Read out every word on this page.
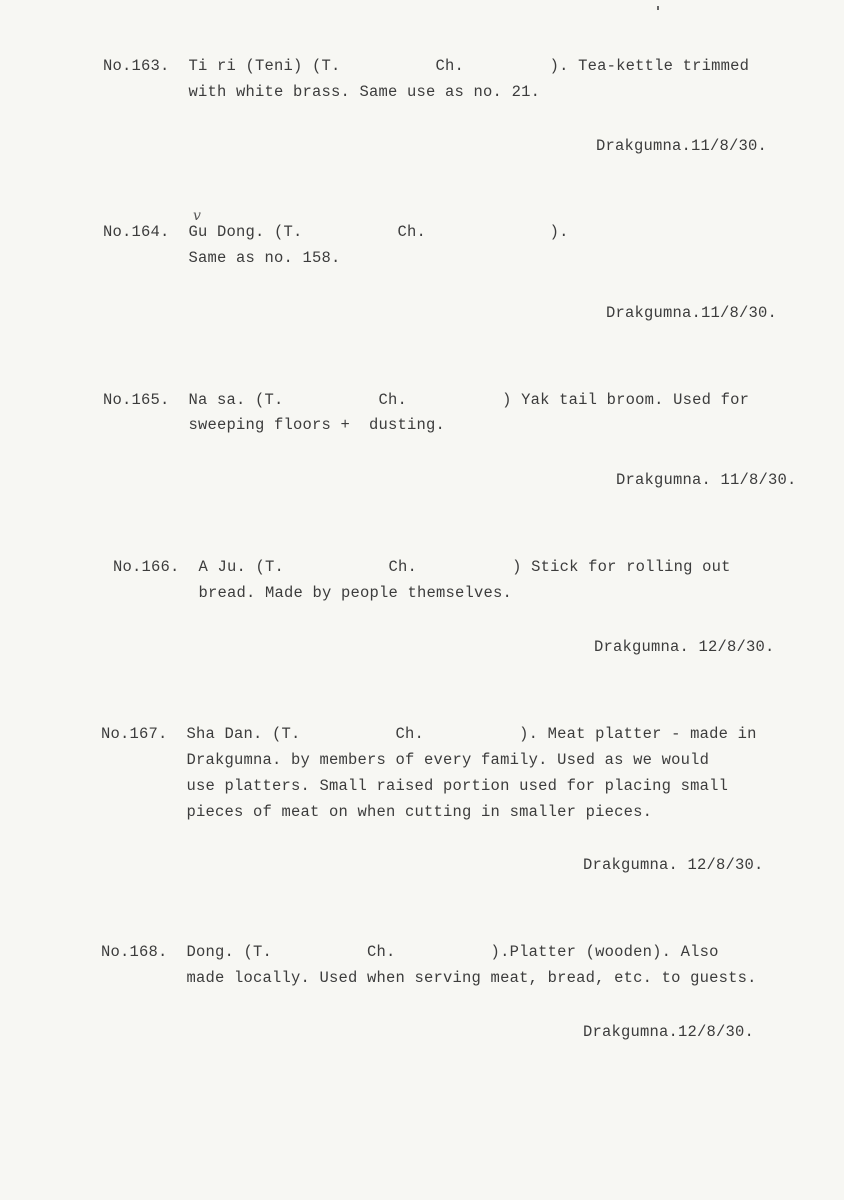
No.163.  Ti ri (Teni) (T.          Ch.         ). Tea-kettle trimmed
with white brass. Same use as no. 21.
Drakgumna.11/8/30.
v
No.164.  Gu Dong. (T.          Ch.             ).
Same as no. 158.
Drakgumna.11/8/30.
No.165.  Na sa. (T.          Ch.          ) Yak tail broom. Used for
sweeping floors +  dusting.
Drakgumna. 11/8/30.
No.166.  A Ju. (T.           Ch.          ) Stick for rolling out
bread. Made by people themselves.
Drakgumna. 12/8/30.
No.167.  Sha Dan. (T.          Ch.          ). Meat platter - made in
Drakgumna. by members of every family. Used as we would
use platters. Small raised portion used for placing small
pieces of meat on when cutting in smaller pieces.
Drakgumna. 12/8/30.
No.168.  Dong. (T.          Ch.          ).Platter (wooden). Also
made locally. Used when serving meat, bread, etc. to guests.
Drakgumna.12/8/30.
